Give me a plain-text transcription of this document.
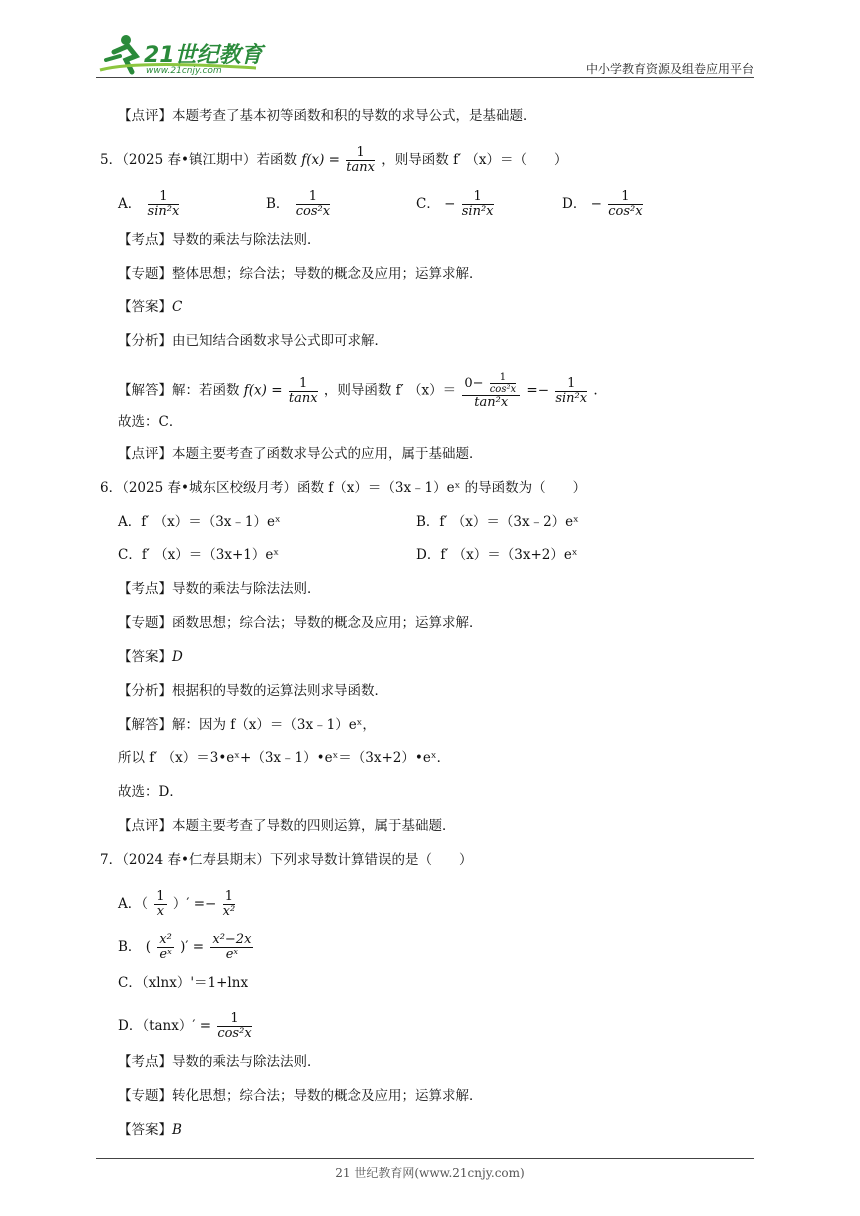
21世纪教育
www.21cnjy.com	中小学教育资源及组卷应用平台
【点评】本题考查了基本初等函数和积的导数的求导公式，是基础题．
5．（2025 春•镇江期中）若函数 $f(x) = \frac{1}{\tan x}$ ，则导函数 f′ （x）＝（　　）
A． $\frac{1}{\text{sin²x}}$	B． $\frac{1}{\text{cos²x}}$	C． − $\frac{1}{\text{sin²x}}$	D． − $\frac{1}{\text{cos²x}}$
【考点】导数的乘法与除法法则．
【专题】整体思想；综合法；导数的概念及应用；运算求解．
【答案】C
【分析】由已知结合函数求导公式即可求解．
【解答】解：若函数 $f(x) = \frac{1}{\tan x}$ ，则导函数 f′ $(x)= \frac{0- \frac{1}{\text{cos²x}}}{\text{tan²x}} =- \frac{1}{\text{sin²x}}$ .
故选：C．
【点评】本题主要考查了函数求导公式的应用，属于基础题．
6．（2025 春•城东区校级月考）函数 f（x）＝（3x﹣1）eˣ 的导函数为（　　）
A．f′ （x）＝（3x﹣1）eˣ	B．f′ （x）＝（3x﹣2）eˣ
C．f′ （x）＝（3x+1）eˣ	D．f′ （x）＝（3x+2）eˣ
【考点】导数的乘法与除法法则．
【专题】函数思想；综合法；导数的概念及应用；运算求解．
【答案】D
【分析】根据积的导数的运算法则求导函数．
【解答】解：因为 f（x）＝（3x﹣1）eˣ，
所以 f′ （x）＝3•eˣ+（3x﹣1）•eˣ＝（3x+2）•eˣ．
故选：D．
【点评】本题主要考查了导数的四则运算，属于基础题．
7．（2024 春•仁寿县期末）下列求导数计算错误的是（　　）
A．（ $\frac{1}{x}$ ）′ =− $\frac{1}{\text{x²}}$
B． ( $\frac{\text{x²}}{\text{eˣ}}$ )′ = $\frac{\text{x²−2x}}{\text{eˣ}}$
C．（xlnx）'＝1+lnx
D．$(\tan x)' = \frac{1}{\text{cos²x}}$
【考点】导数的乘法与除法法则．
【专题】转化思想；综合法；导数的概念及应用；运算求解．
【答案】B
21 世纪教育网(www.21cnjy.com)
